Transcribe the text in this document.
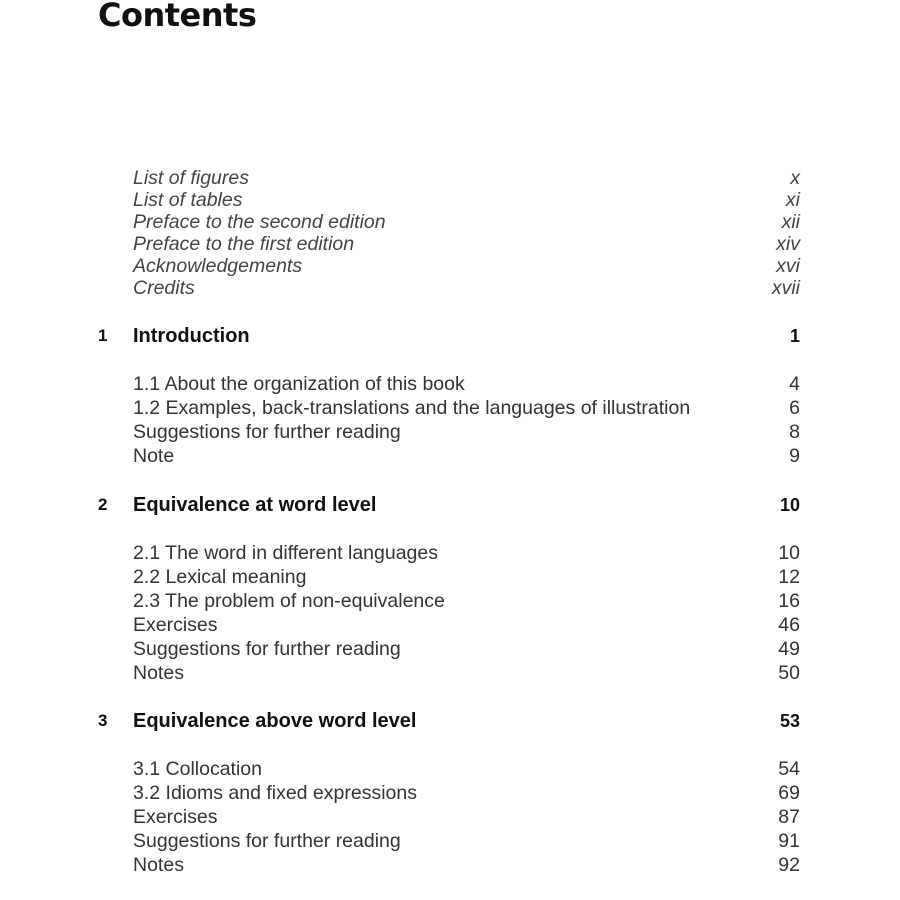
Contents
List of figures	x
List of tables	xi
Preface to the second edition	xii
Preface to the first edition	xiv
Acknowledgements	xvi
Credits	xvii
1	Introduction	1
1.1 About the organization of this book	4
1.2 Examples, back-translations and the languages of illustration	6
Suggestions for further reading	8
Note	9
2	Equivalence at word level	10
2.1 The word in different languages	10
2.2 Lexical meaning	12
2.3 The problem of non-equivalence	16
Exercises	46
Suggestions for further reading	49
Notes	50
3	Equivalence above word level	53
3.1 Collocation	54
3.2 Idioms and fixed expressions	69
Exercises	87
Suggestions for further reading	91
Notes	92
